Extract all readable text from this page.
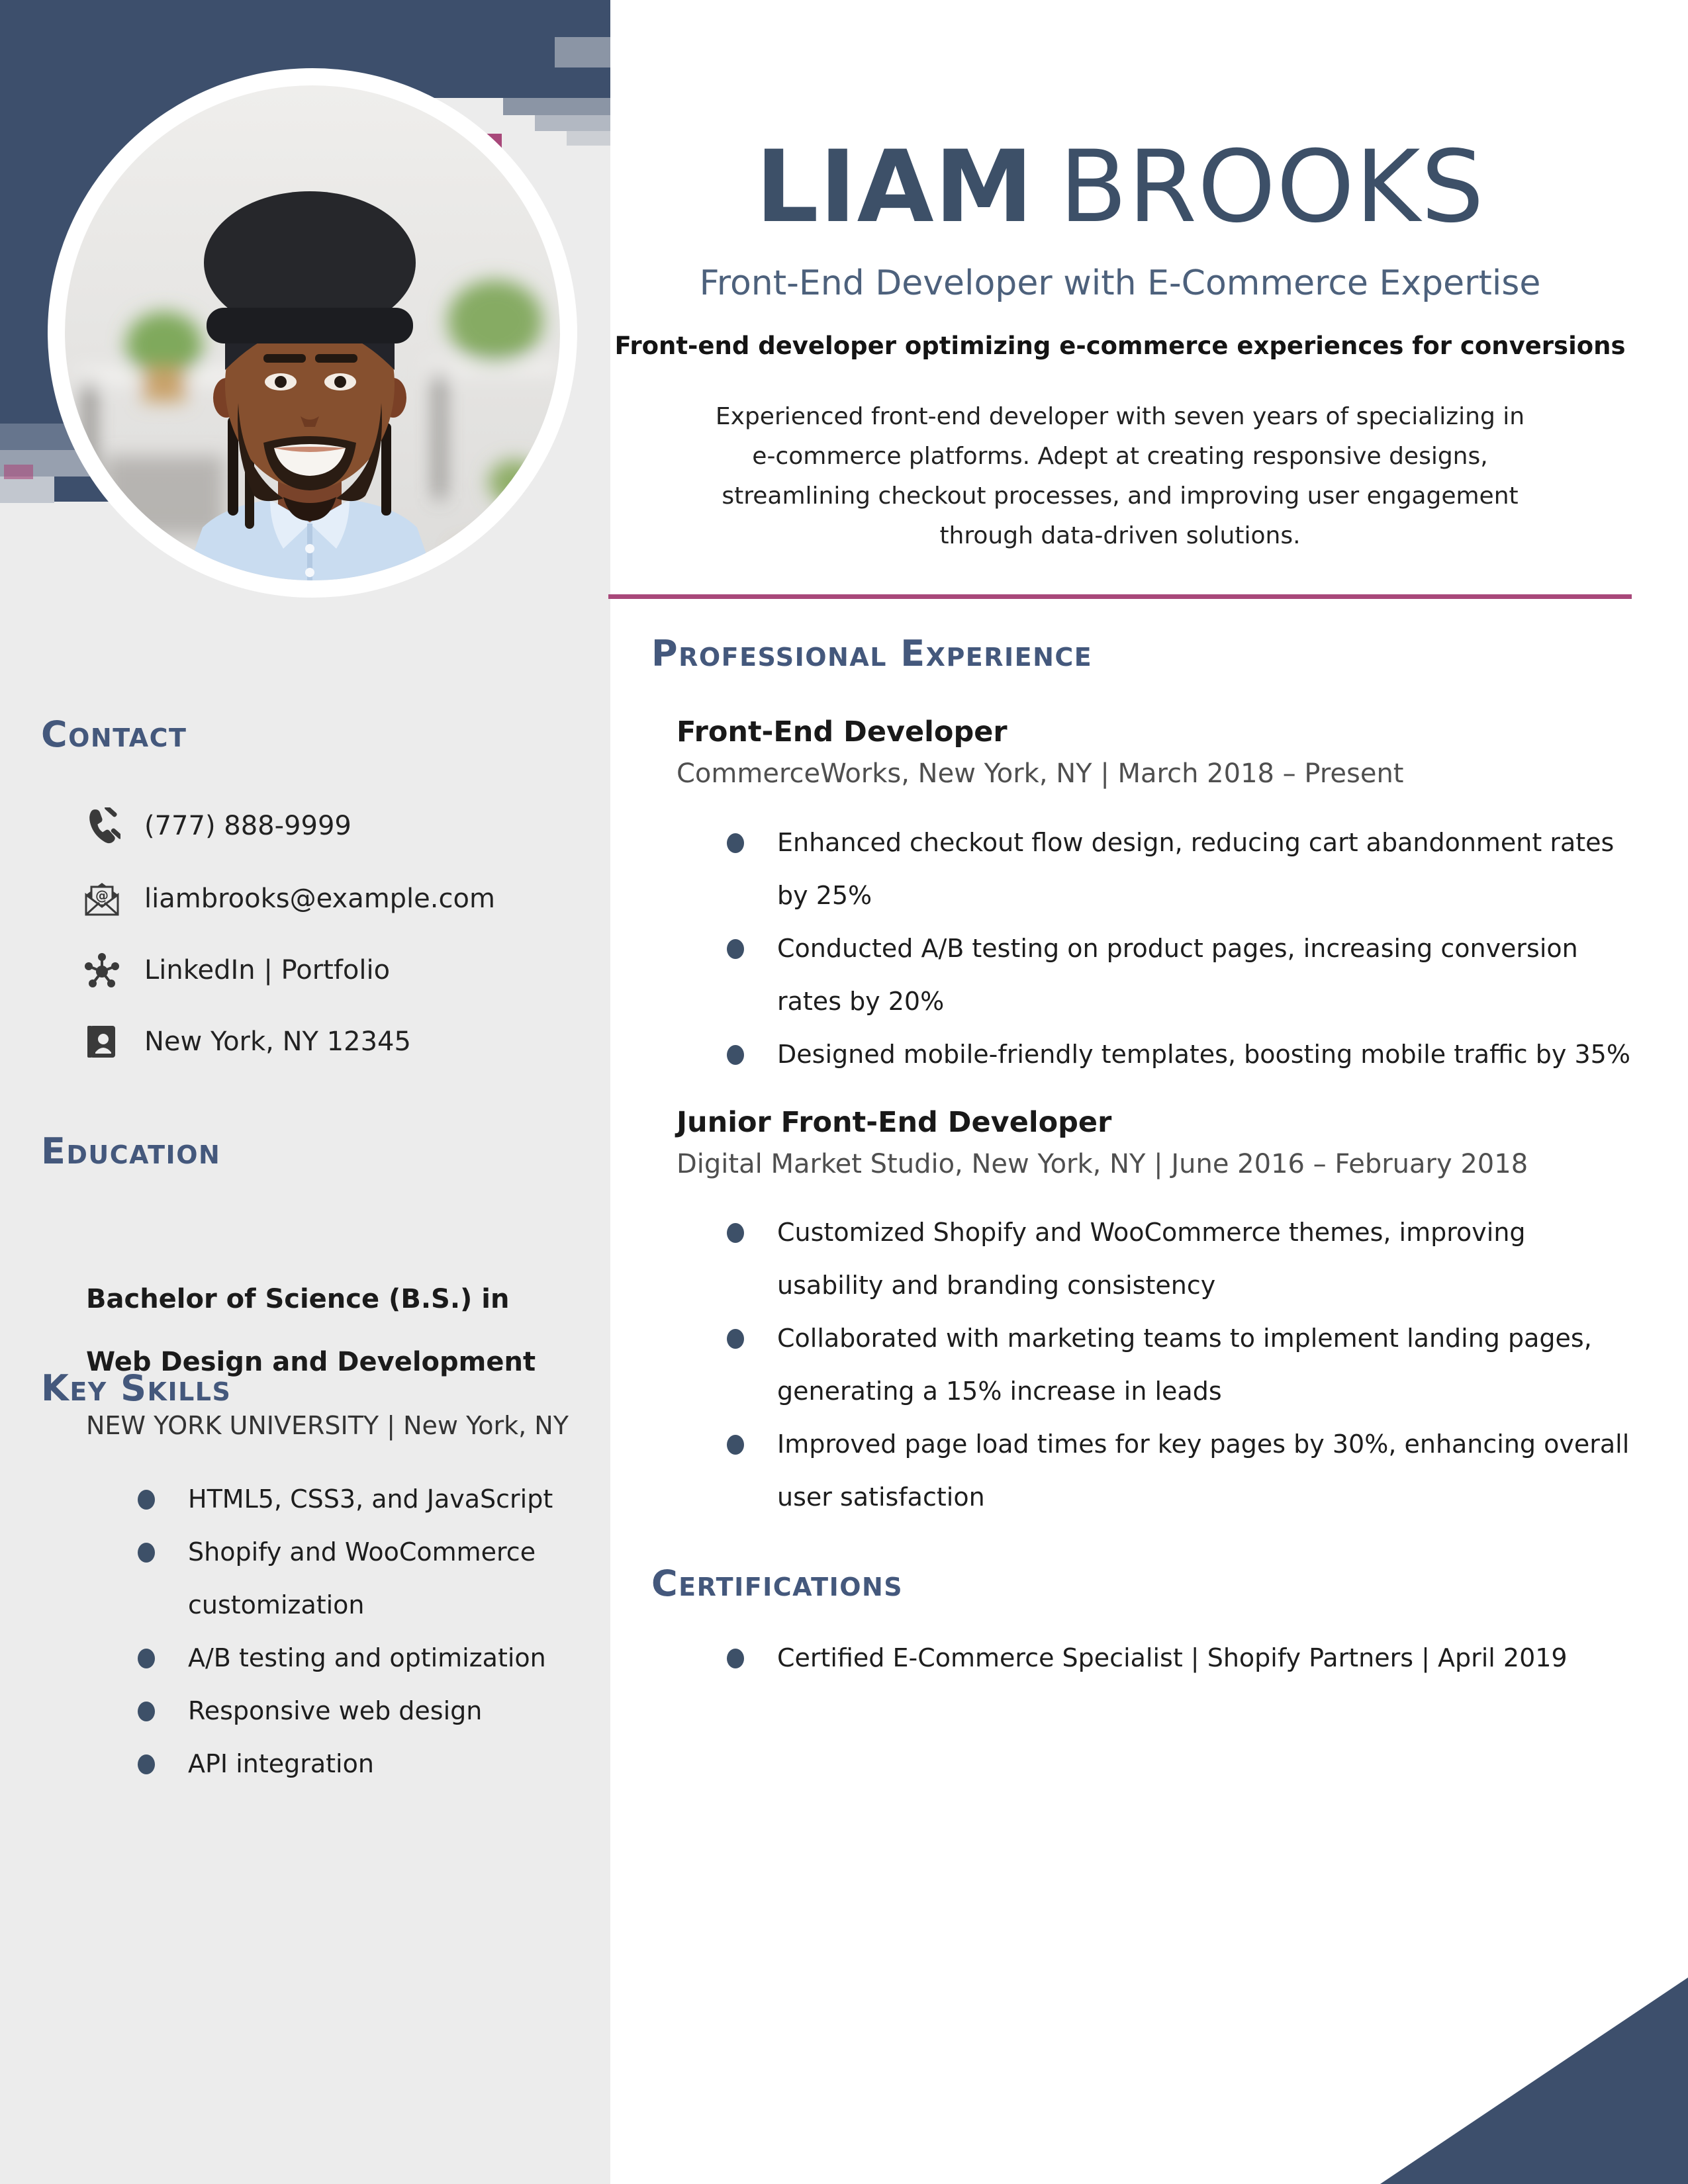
LIAM BROOKS
Front-End Developer with E-Commerce Expertise
Front-end developer optimizing e-commerce experiences for conversions
Experienced front-end developer with seven years of specializing in e-commerce platforms. Adept at creating responsive designs, streamlining checkout processes, and improving user engagement through data-driven solutions.
Contact
(777) 888-9999
@ liambrooks@example.com
LinkedIn | Portfolio
New York, NY 12345
Education
Bachelor of Science (B.S.) in
Web Design and Development
NEW YORK UNIVERSITY | New York, NY
Key Skills
HTML5, CSS3, and JavaScript
Shopify and WooCommerce customization
A/B testing and optimization
Responsive web design
API integration
Professional Experience
Front-End Developer
CommerceWorks, New York, NY | March 2018 – Present
Enhanced checkout flow design, reducing cart abandonment rates by 25%
Conducted A/B testing on product pages, increasing conversion rates by 20%
Designed mobile-friendly templates, boosting mobile traffic by 35%
Junior Front-End Developer
Digital Market Studio, New York, NY | June 2016 – February 2018
Customized Shopify and WooCommerce themes, improving usability and branding consistency
Collaborated with marketing teams to implement landing pages, generating a 15% increase in leads
Improved page load times for key pages by 30%, enhancing overall user satisfaction
Certifications
Certified E-Commerce Specialist | Shopify Partners | April 2019
